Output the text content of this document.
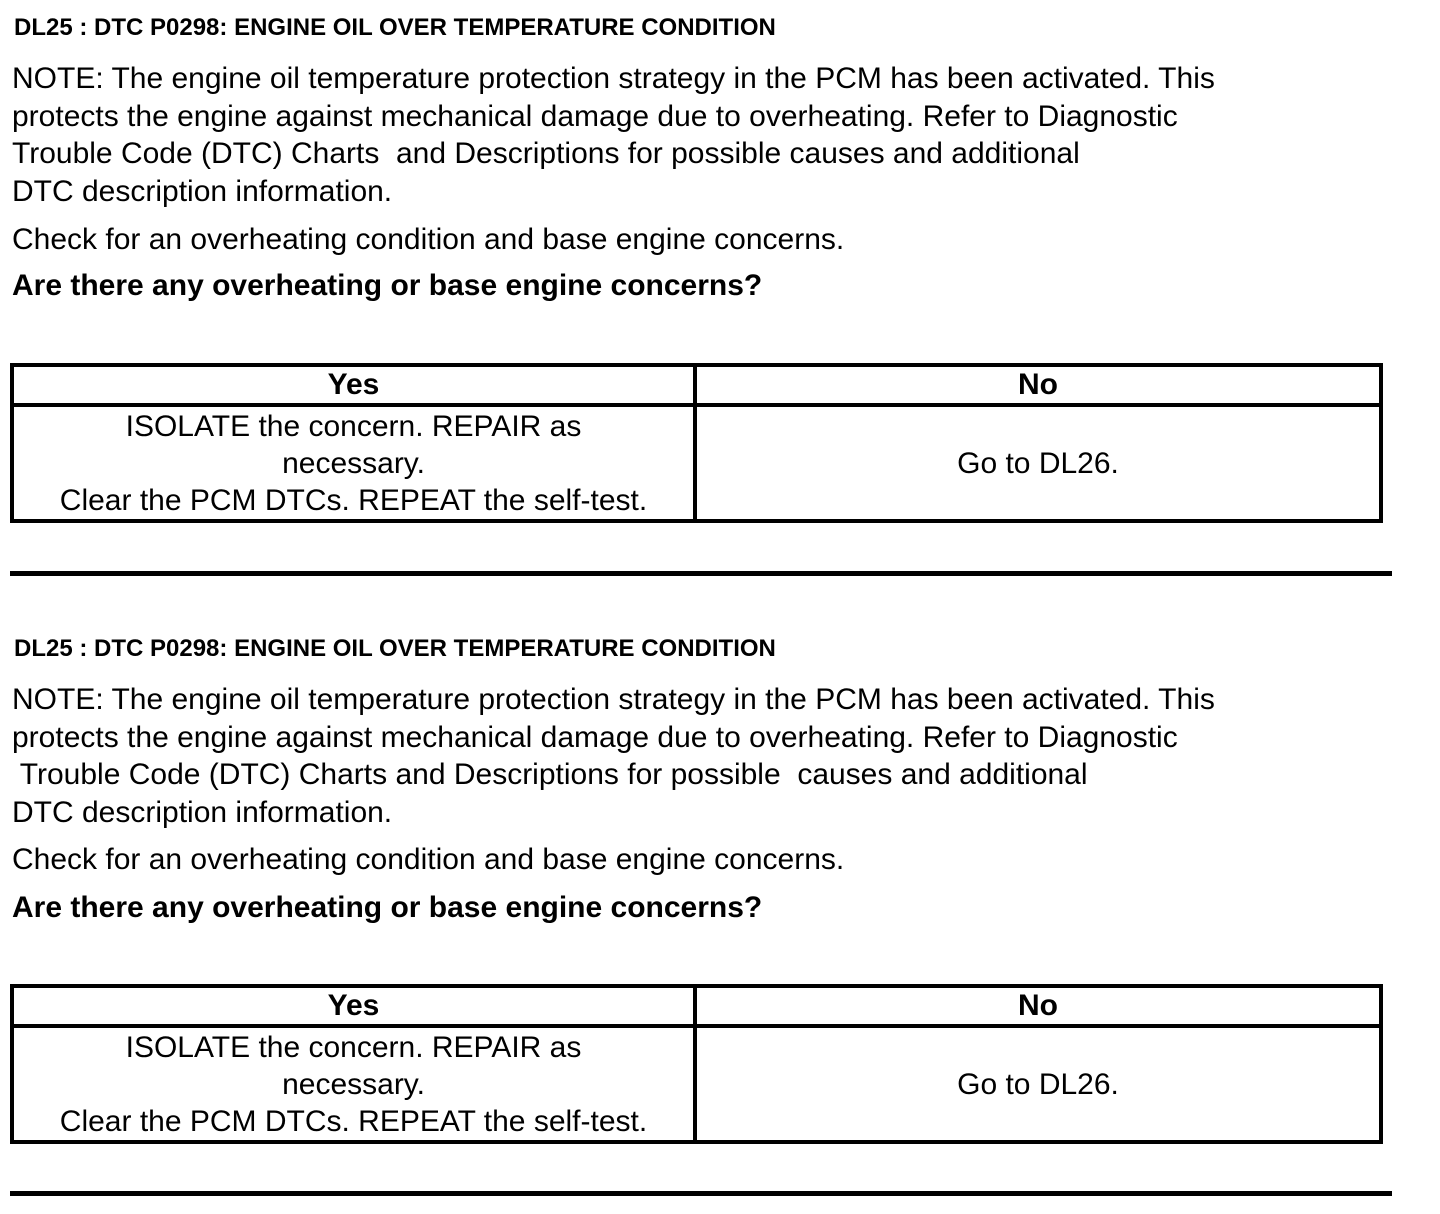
DL25 : DTC P0298: ENGINE OIL OVER TEMPERATURE CONDITION
NOTE: The engine oil temperature protection strategy in the PCM has been activated. This
protects the engine against mechanical damage due to overheating. Refer to Diagnostic
Trouble Code (DTC) Charts  and Descriptions for possible causes and additional
DTC description information.
Check for an overheating condition and base engine concerns.
Are there any overheating or base engine concerns?
Yes	No

ISOLATE the concern. REPAIR as
necessary.
Clear the PCM DTCs. REPEAT the self-test.	Go to DL26.
DL25 : DTC P0298: ENGINE OIL OVER TEMPERATURE CONDITION
NOTE: The engine oil temperature protection strategy in the PCM has been activated. This
protects the engine against mechanical damage due to overheating. Refer to Diagnostic
Trouble Code (DTC) Charts and Descriptions for possible  causes and additional
DTC description information.
Check for an overheating condition and base engine concerns.
Are there any overheating or base engine concerns?
Yes	No

ISOLATE the concern. REPAIR as
necessary.
Clear the PCM DTCs. REPEAT the self-test.	Go to DL26.
